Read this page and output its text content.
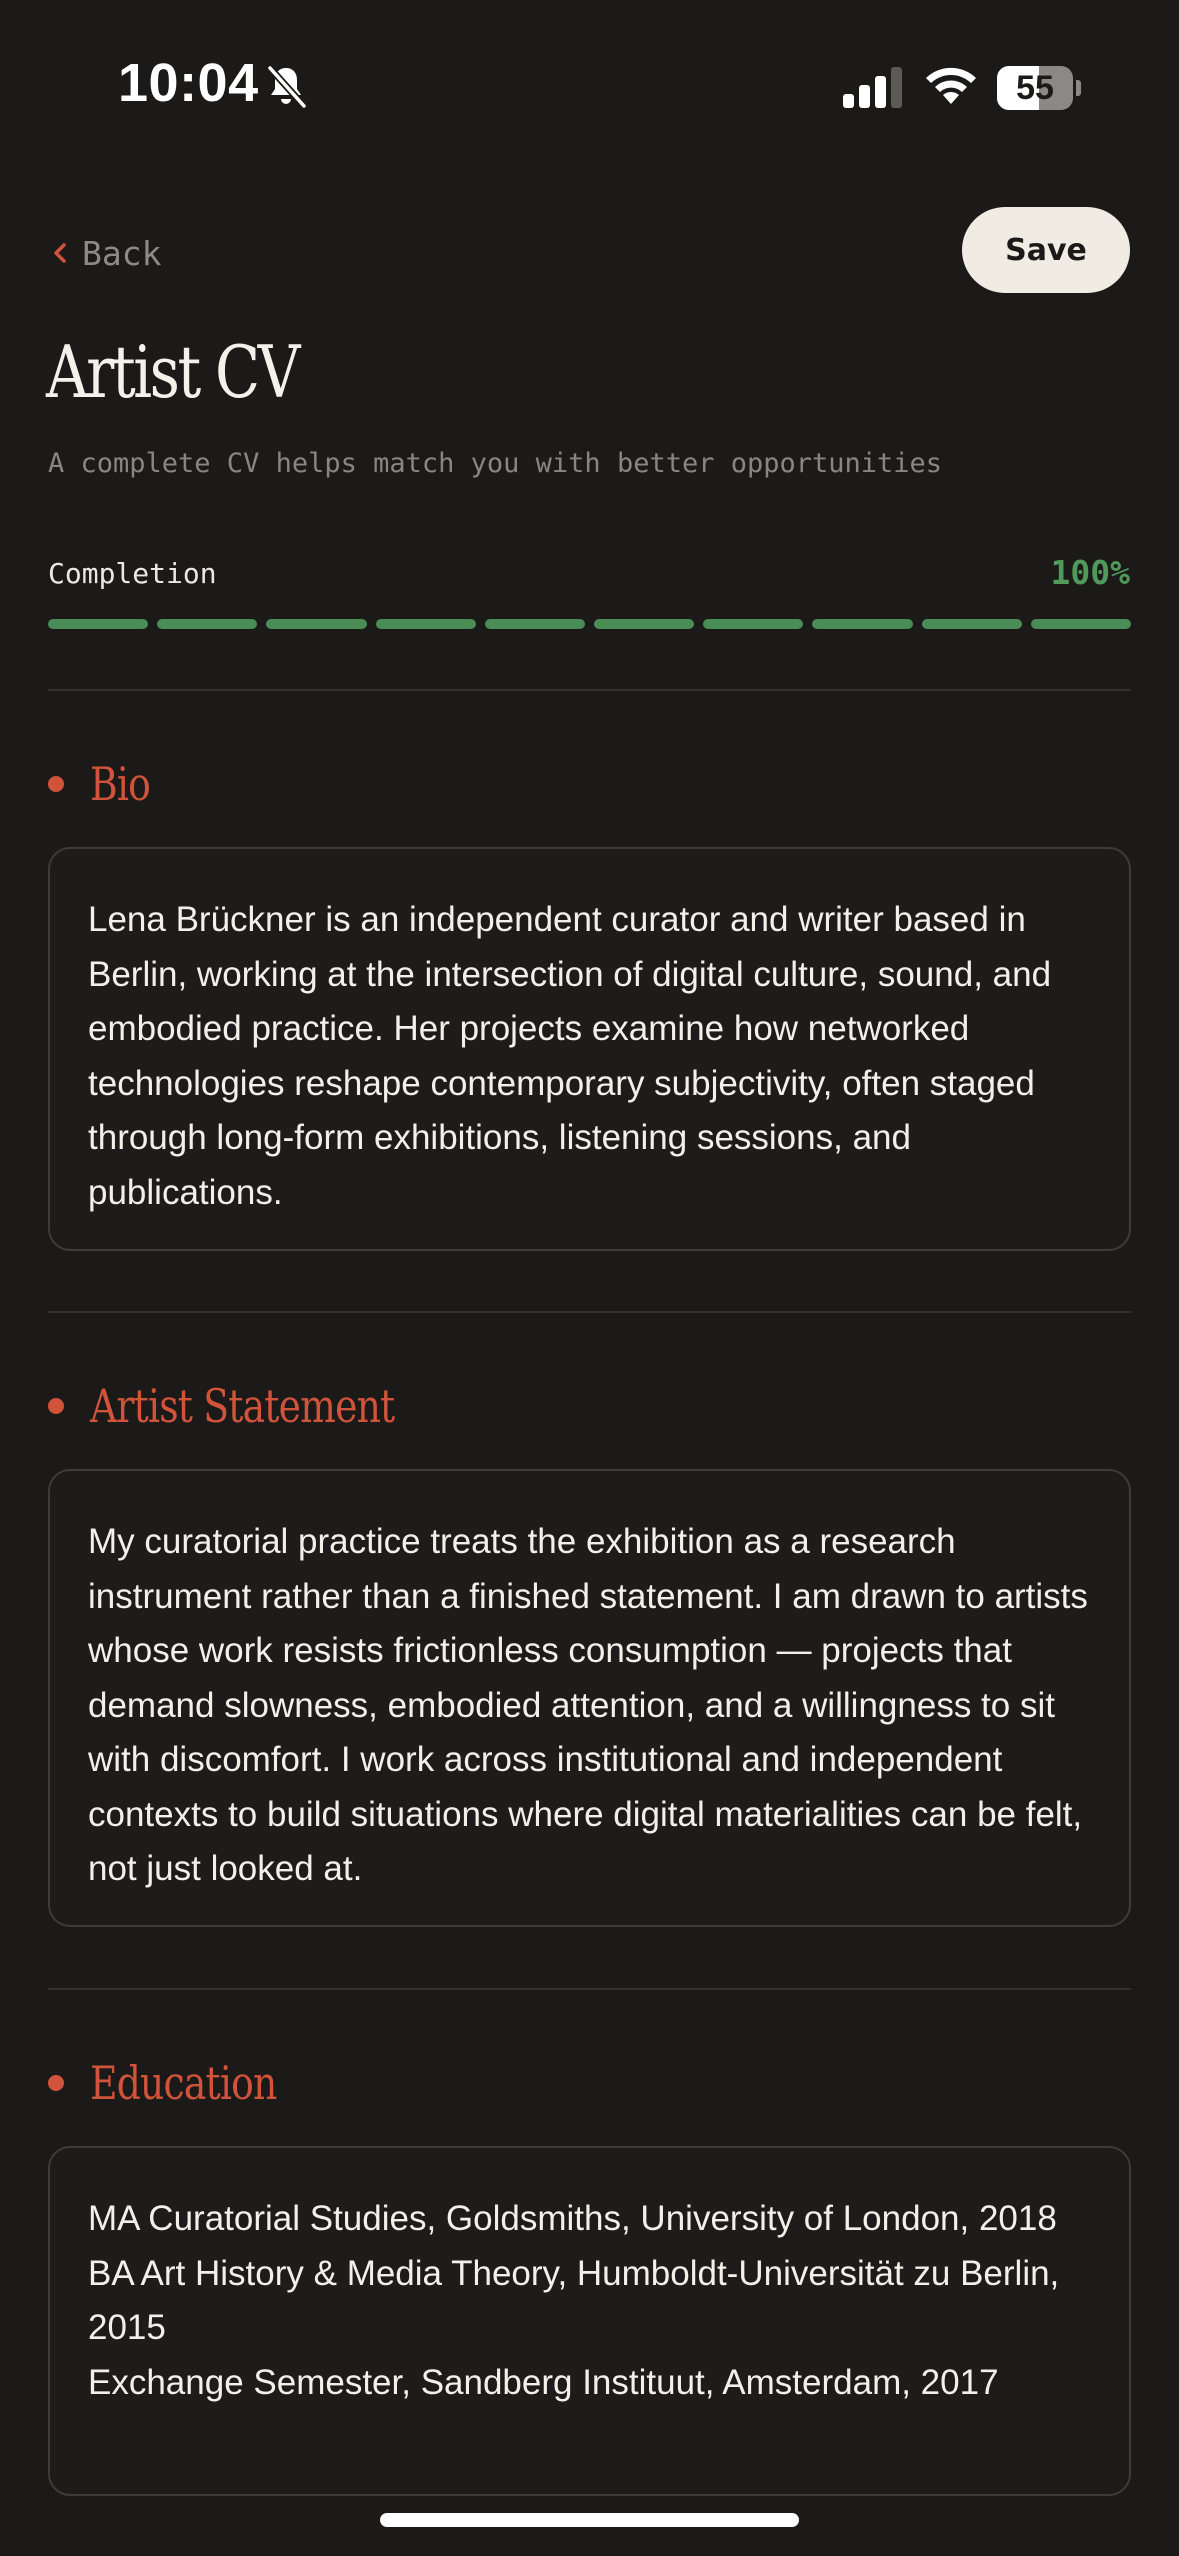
10:04	55
Back	Save
Artist CV
A complete CV helps match you with better opportunities
Completion	100%
Bio

Lena Brückner is an independent curator and writer based in Berlin, working at the intersection of digital culture, sound, and embodied practice. Her projects examine how networked technologies reshape contemporary subjectivity, often staged through long-form exhibitions, listening sessions, and publications.

Artist Statement

My curatorial practice treats the exhibition as a research instrument rather than a finished statement. I am drawn to artists whose work resists frictionless consumption — projects that demand slowness, embodied attention, and a willingness to sit with discomfort. I work across institutional and independent contexts to build situations where digital materialities can be felt, not just looked at.

Education
MA Curatorial Studies, Goldsmiths, University of London, 2018
BA Art History & Media Theory, Humboldt-Universität zu Berlin, 2015
Exchange Semester, Sandberg Instituut, Amsterdam, 2017
